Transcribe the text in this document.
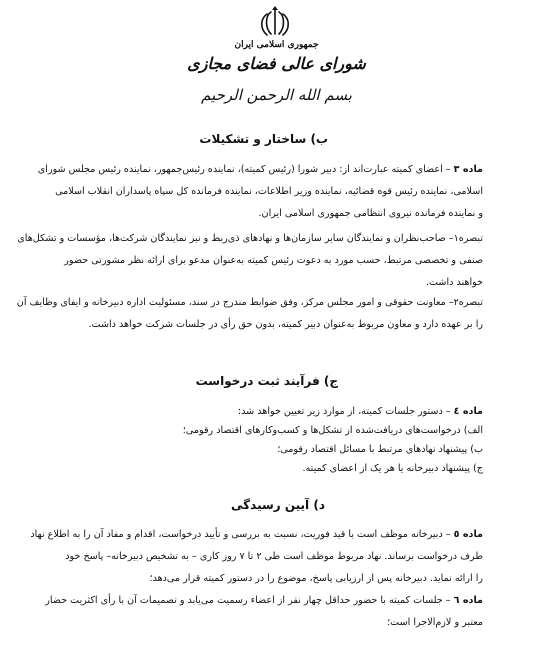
جمهوری اسلامی ایران
شورای عالی فضای مجازی
بسم الله الرحمن الرحیم
ب) ساختار و تشکیلات
ماده ۳ – اعضای کمیته عبارت‌اند از: دبیر شورا (رئیس کمیته)، نماینده رئیس‌جمهور، نماینده رئیس مجلس شورای
اسلامی، نماینده رئیس قوه قضائیه، نماینده وزیر اطلاعات، نماینده فرمانده کل سپاه پاسداران انقلاب اسلامی
و نماینده فرمانده نیروی انتظامی جمهوری اسلامی ایران.
تبصره۱– صاحب‌نظران و نمایندگان سایر سازمان‌ها و نهادهای ذی‌ربط و نیز نمایندگان شرکت‌ها، مؤسسات و تشکل‌های
صنفی و تخصصی مرتبط، حسب مورد به دعوت رئیس کمیته به‌عنوان مدعو برای ارائه نظر مشورتی حضور
خواهند داشت.
تبصره۲– معاونت حقوقی و امور مجلس مرکز، وفق ضوابط مندرج در سند، مسئولیت اداره دبیرخانه و ایفای وظایف آن
را بر عهده دارد و معاون مربوط به‌عنوان دبیر کمیته، بدون حق رأی در جلسات شرکت خواهد داشت.
ج) فرآیند ثبت درخواست
ماده ٤ – دستور جلسات کمیته، از موارد زیر تعیین خواهد شد:
الف) درخواست‌های دریافت‌شده از تشکل‌ها و کسب‌وکارهای اقتصاد رقومی؛
ب) پیشنهاد نهادهای مرتبط با مسائل اقتصاد رقومی؛
ج) پیشنهاد دبیرخانه یا هر یک از اعضای کمیته.
د) آیین رسیدگی
ماده ٥ – دبیرخانه موظف است با قید فوریت، نسبت به بررسی و تأیید درخواست، اقدام و مفاد آن را به اطلاع نهاد
طرف درخواست برساند. نهاد مربوط موظف است طی ۲ تا ۷ روز کاری – به تشخیص دبیرخانه– پاسخ خود
را ارائه نماید. دبیرخانه پس از ارزیابی پاسخ، موضوع را در دستور کمیته قرار می‌دهد؛
ماده ٦ – جلسات کمیته با حضور حداقل چهار نفر از اعضاء رسمیت می‌یابد و تصمیمات آن با رأی اکثریت حضار
معتبر و لازم‌الاجرا است؛
